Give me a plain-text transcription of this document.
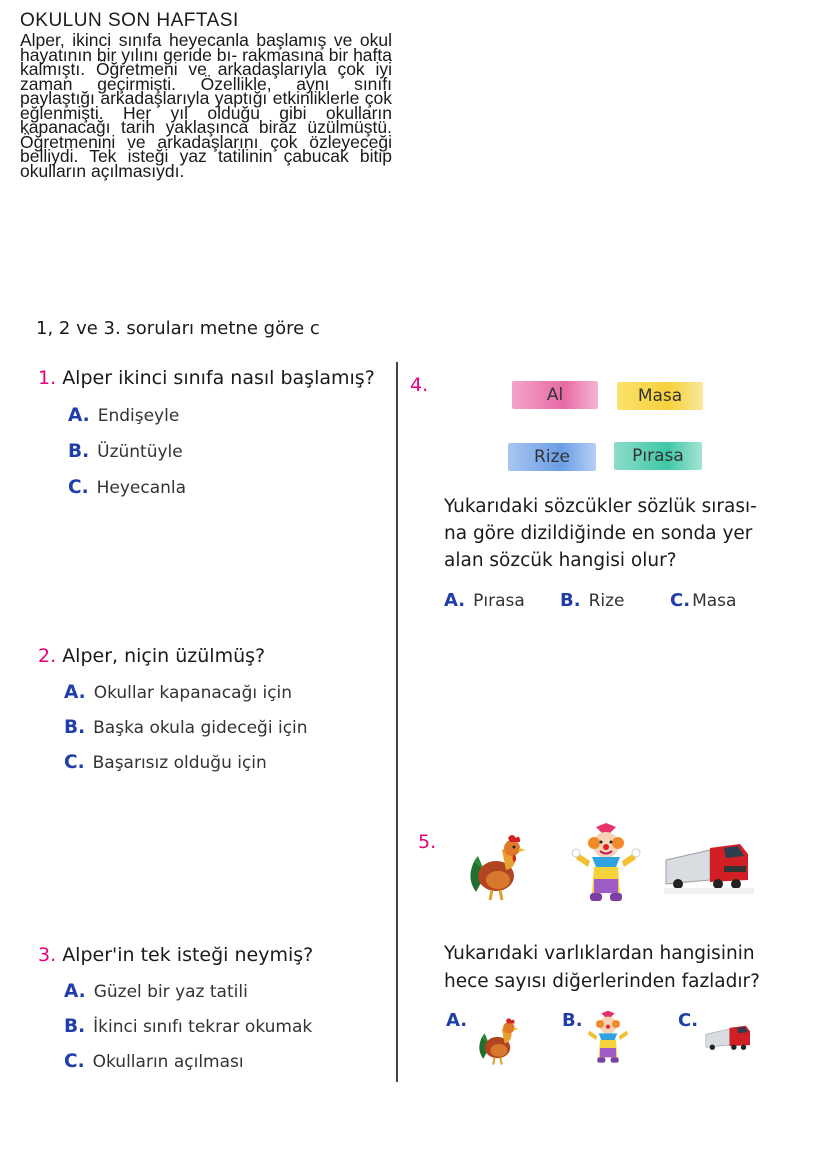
OKULUN SON HAFTASI
Alper, ikinci sınıfa heyecanla başlamış ve okul hayatının bir yılını geride bı- rakmasına bir hafta kalmıştı. Öğretmeni ve arkadaşlarıyla çok iyi zaman geçirmişti. Özellikle, aynı sınıfı paylaştığı arkadaşlarıyla yaptığı etkinliklerle çok eğlenmişti. Her yıl olduğu gibi okulların kapanacağı tarih yaklaşınca biraz üzülmüştü. Öğretmenini ve arkadaşlarını çok özleyeceği belliydi. Tek isteği yaz tatilinin çabucak bitip okulların açılmasıydı.
1, 2 ve 3. soruları metne göre c
1. Alper ikinci sınıfa nasıl başlamış?
A. Endişeyle
B. Üzüntüyle
C. Heyecanla
2. Alper, niçin üzülmüş?
A. Okullar kapanacağı için
B. Başka okula gideceği için
C. Başarısız olduğu için
3. Alper'in tek isteği neymiş?
A. Güzel bir yaz tatili
B. İkinci sınıfı tekrar okumak
C. Okulların açılması
4.	Al	Masa
Rize	Pırasa
Yukarıdaki sözcükler sözlük sırası- na göre dizildiğinde en sonda yer alan sözcük hangisi olur?
A. Pırasa B. Rize	C. Masa
5.
Yukarıdaki varlıklardan hangisinin hece sayısı diğerlerinden fazladır?
A.	B.	C.
